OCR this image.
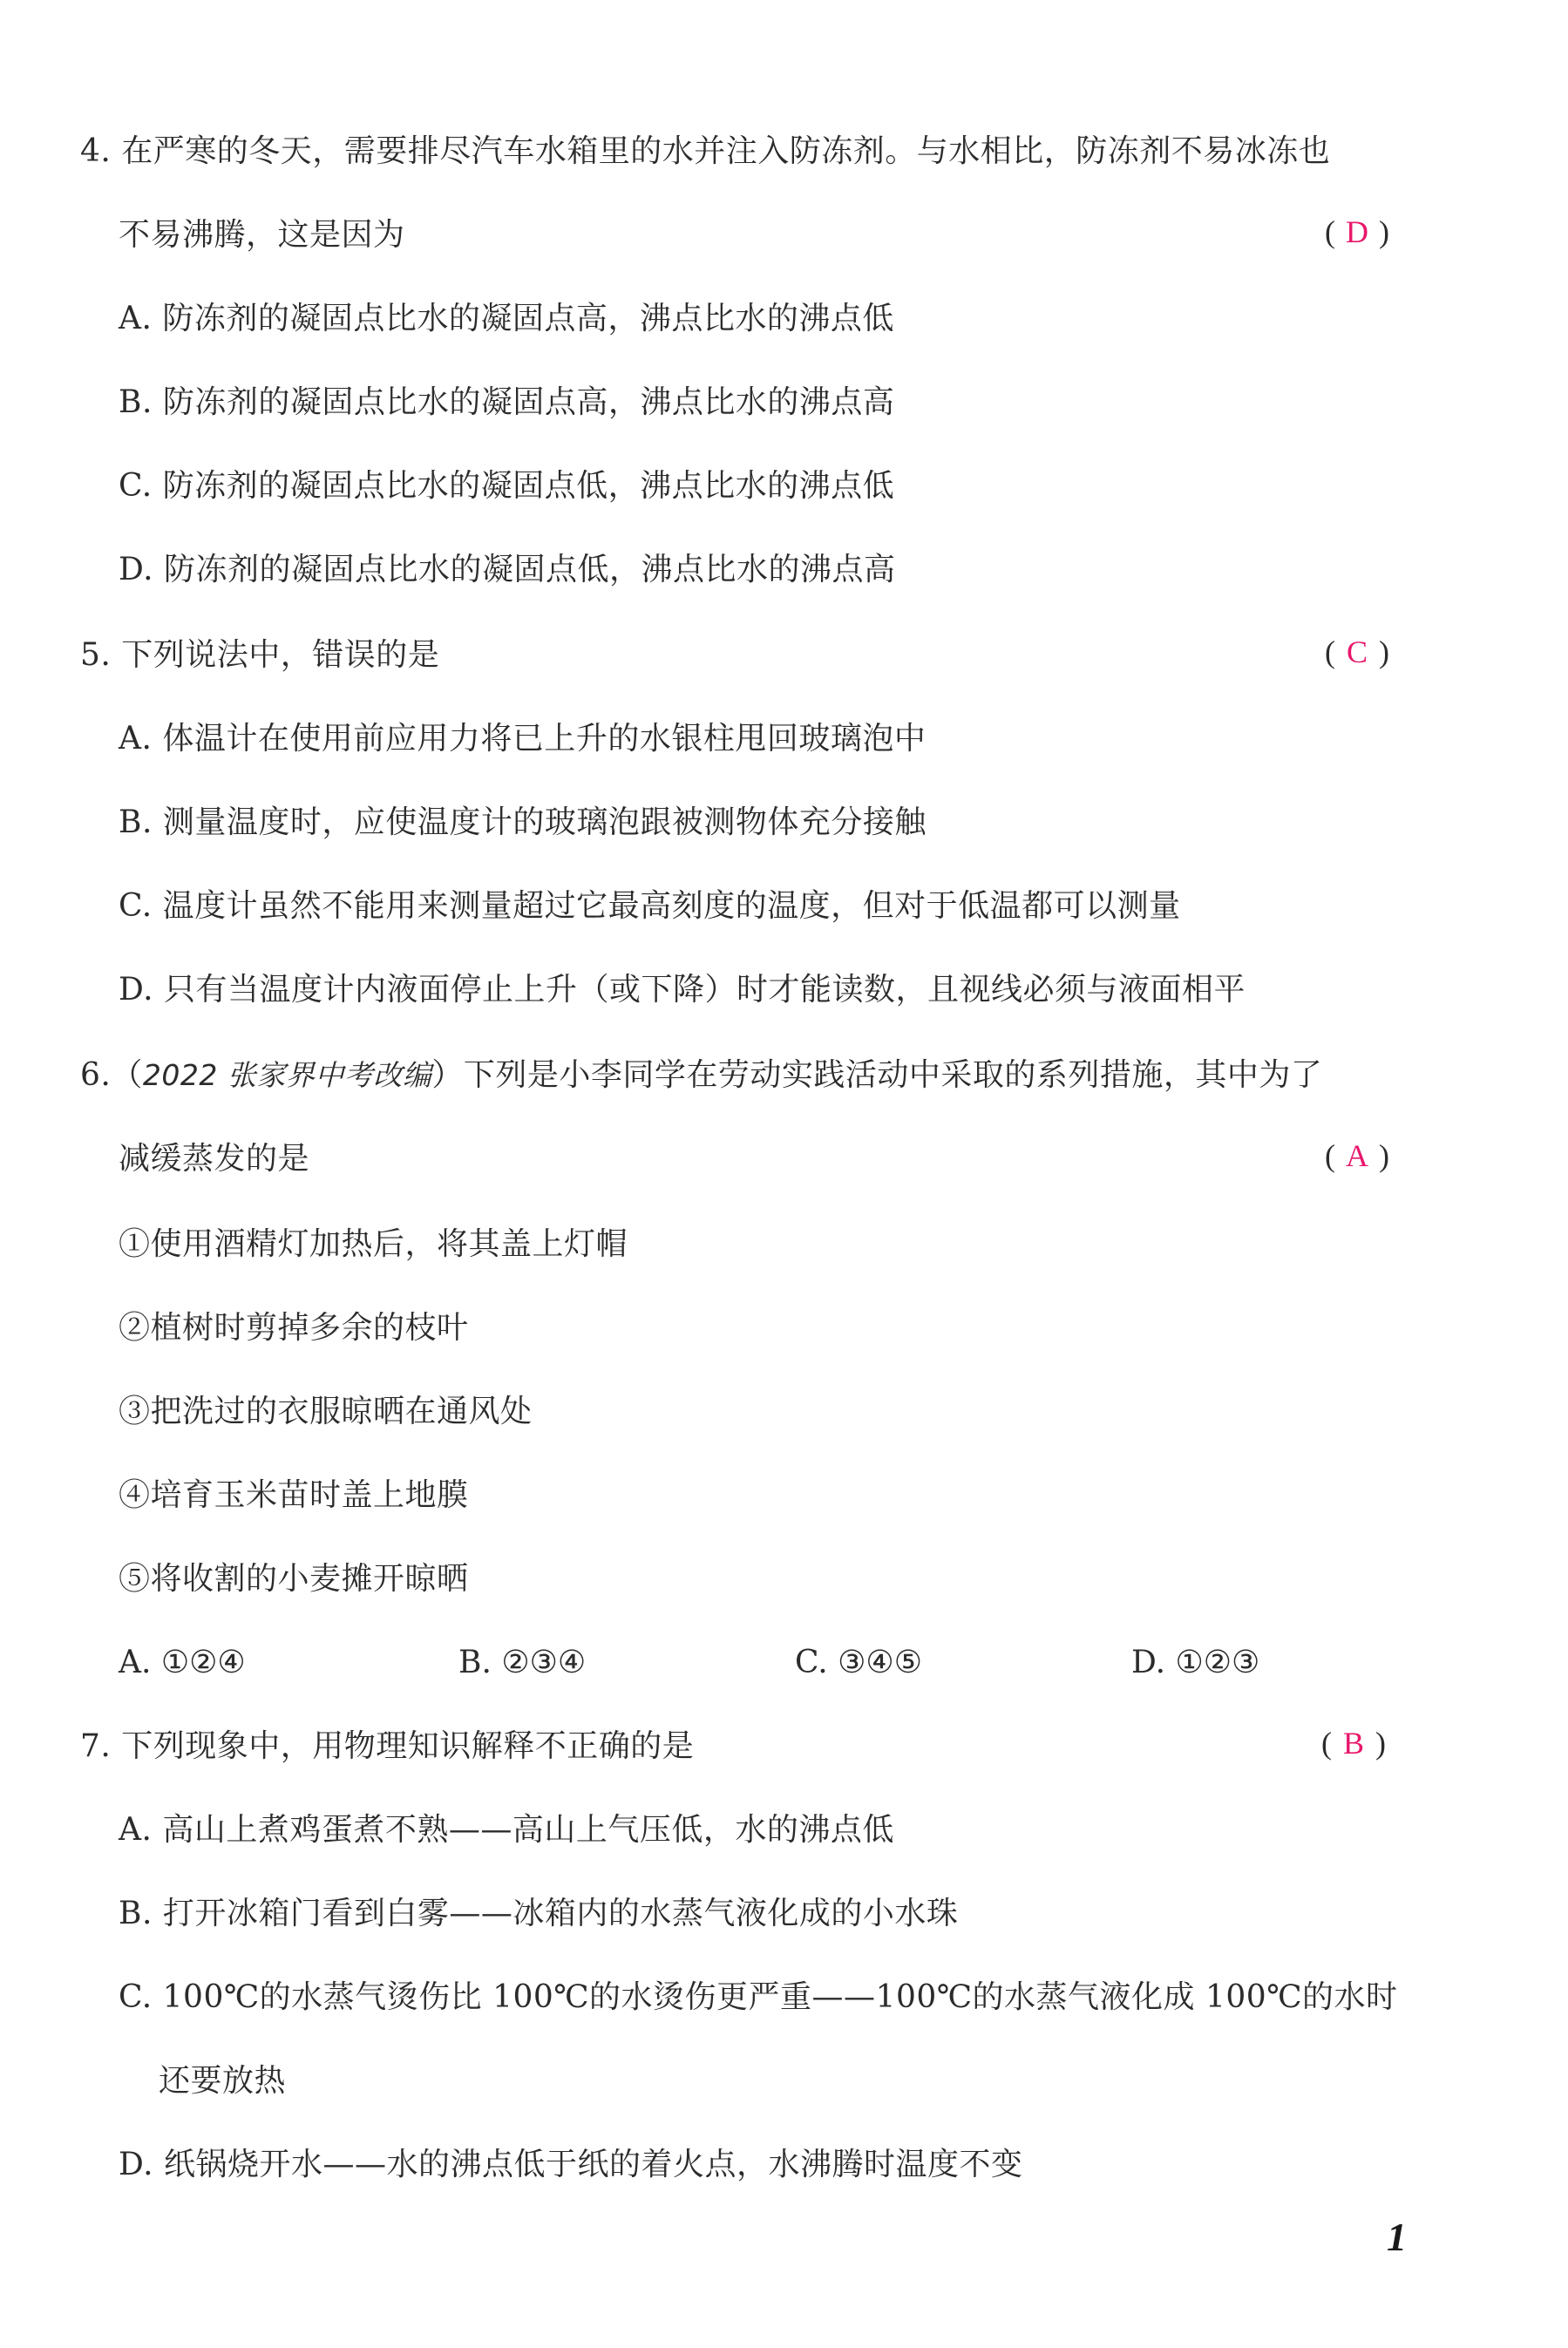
4. 在严寒的冬天，需要排尽汽车水箱里的水并注入防冻剂。与水相比，防冻剂不易冰冻也
不易沸腾，这是因为	( D )
A. 防冻剂的凝固点比水的凝固点高，沸点比水的沸点低
B. 防冻剂的凝固点比水的凝固点高，沸点比水的沸点高
C. 防冻剂的凝固点比水的凝固点低，沸点比水的沸点低
D. 防冻剂的凝固点比水的凝固点低，沸点比水的沸点高
5. 下列说法中，错误的是	( C )
A. 体温计在使用前应用力将已上升的水银柱甩回玻璃泡中
B. 测量温度时，应使温度计的玻璃泡跟被测物体充分接触
C. 温度计虽然不能用来测量超过它最高刻度的温度，但对于低温都可以测量
D. 只有当温度计内液面停止上升（或下降）时才能读数，且视线必须与液面相平
6.（2022 张家界中考改编）下列是小李同学在劳动实践活动中采取的系列措施，其中为了
减缓蒸发的是	( A )
①使用酒精灯加热后，将其盖上灯帽
②植树时剪掉多余的枝叶
③把洗过的衣服晾晒在通风处
④培育玉米苗时盖上地膜
⑤将收割的小麦摊开晾晒
A. ①②④	B. ②③④	C. ③④⑤	D. ①②③
7. 下列现象中，用物理知识解释不正确的是	( B )
A. 高山上煮鸡蛋煮不熟——高山上气压低，水的沸点低
B. 打开冰箱门看到白雾——冰箱内的水蒸气液化成的小水珠
C. 100℃的水蒸气烫伤比 100℃的水烫伤更严重——100℃的水蒸气液化成 100℃的水时
还要放热
D. 纸锅烧开水——水的沸点低于纸的着火点，水沸腾时温度不变
1
